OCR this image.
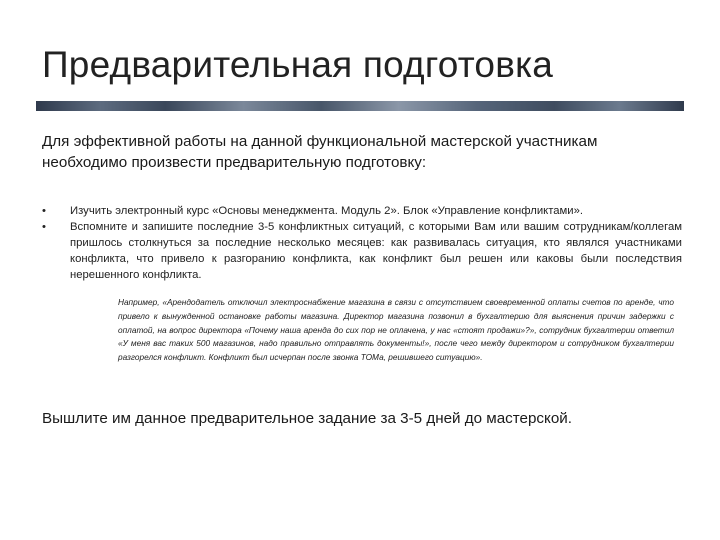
Предварительная подготовка
Для эффективной работы на данной функциональной мастерской участникам необходимо произвести предварительную подготовку:
• Изучить электронный курс «Основы менеджмента. Модуль 2». Блок «Управление конфликтами».
• Вспомните и запишите последние 3-5 конфликтных ситуаций, с которыми Вам или вашим сотрудникам/коллегам пришлось столкнуться за последние несколько месяцев: как развивалась ситуация, кто являлся участниками конфликта, что привело к разгоранию конфликта, как конфликт был решен или каковы были последствия нерешенного конфликта.
Например, «Арендодатель отключил электроснабжение магазина в связи с отсутствием своевременной оплаты счетов по аренде, что привело к вынужденной остановке работы магазина. Директор магазина позвонил в бухгалтерию для выяснения причин задержки с оплатой, на вопрос директора «Почему наша аренда до сих пор не оплачена, у нас «стоят продажи»?», сотрудник бухгалтерии ответил «У меня вас таких 500 магазинов, надо правильно отправлять документы!», после чего между директором и сотрудником бухгалтерии разгорелся конфликт. Конфликт был исчерпан после звонка ТОМа, решившего ситуацию».
Вышлите им данное предварительное задание за 3-5 дней до мастерской.
